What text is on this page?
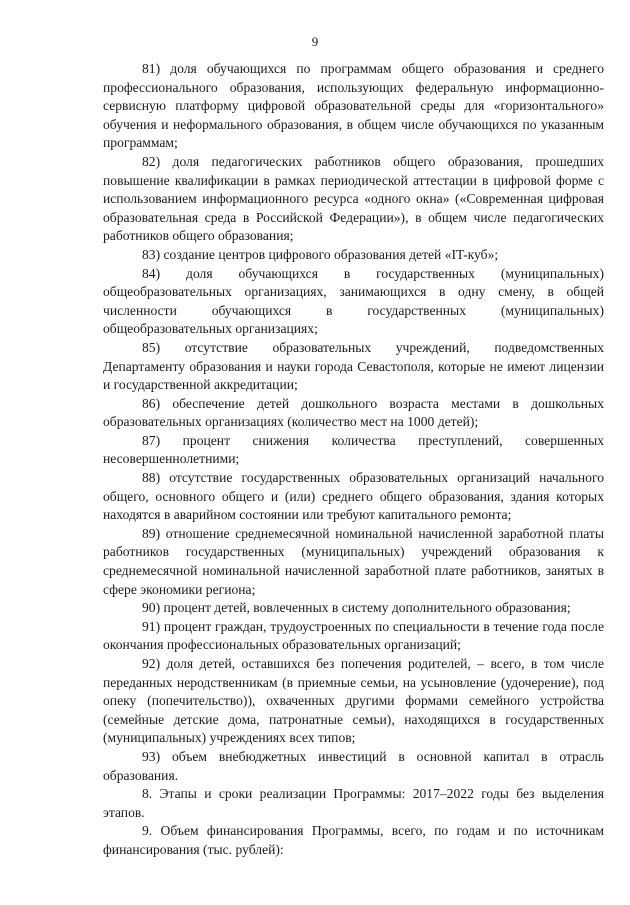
9

81) доля обучающихся по программам общего образования и среднего профессионального образования, использующих федеральную информационно-сервисную платформу цифровой образовательной среды для «горизонтального» обучения и неформального образования, в общем числе обучающихся по указанным программам;

82) доля педагогических работников общего образования, прошедших повышение квалификации в рамках периодической аттестации в цифровой форме с использованием информационного ресурса «одного окна» («Современная цифровая образовательная среда в Российской Федерации»), в общем числе педагогических работников общего образования;

83) создание центров цифрового образования детей «IT-куб»;

84) доля обучающихся в государственных (муниципальных) общеобразовательных организациях, занимающихся в одну смену, в общей численности обучающихся в государственных (муниципальных) общеобразовательных организациях;

85) отсутствие образовательных учреждений, подведомственных Департаменту образования и науки города Севастополя, которые не имеют лицензии и государственной аккредитации;

86) обеспечение детей дошкольного возраста местами в дошкольных образовательных организациях (количество мест на 1000 детей);

87) процент снижения количества преступлений, совершенных несовершеннолетними;

88) отсутствие государственных образовательных организаций начального общего, основного общего и (или) среднего общего образования, здания которых находятся в аварийном состоянии или требуют капитального ремонта;

89) отношение среднемесячной номинальной начисленной заработной платы работников государственных (муниципальных) учреждений образования к среднемесячной номинальной начисленной заработной плате работников, занятых в сфере экономики региона;

90) процент детей, вовлеченных в систему дополнительного образования;

91) процент граждан, трудоустроенных по специальности в течение года после окончания профессиональных образовательных организаций;

92) доля детей, оставшихся без попечения родителей, – всего, в том числе переданных неродственникам (в приемные семьи, на усыновление (удочерение), под опеку (попечительство)), охваченных другими формами семейного устройства (семейные детские дома, патронатные семьи), находящихся в государственных (муниципальных) учреждениях всех типов;

93) объем внебюджетных инвестиций в основной капитал в отрасль образования.

8. Этапы и сроки реализации Программы: 2017–2022 годы без выделения этапов.

9. Объем финансирования Программы, всего, по годам и по источникам финансирования (тыс. рублей):
